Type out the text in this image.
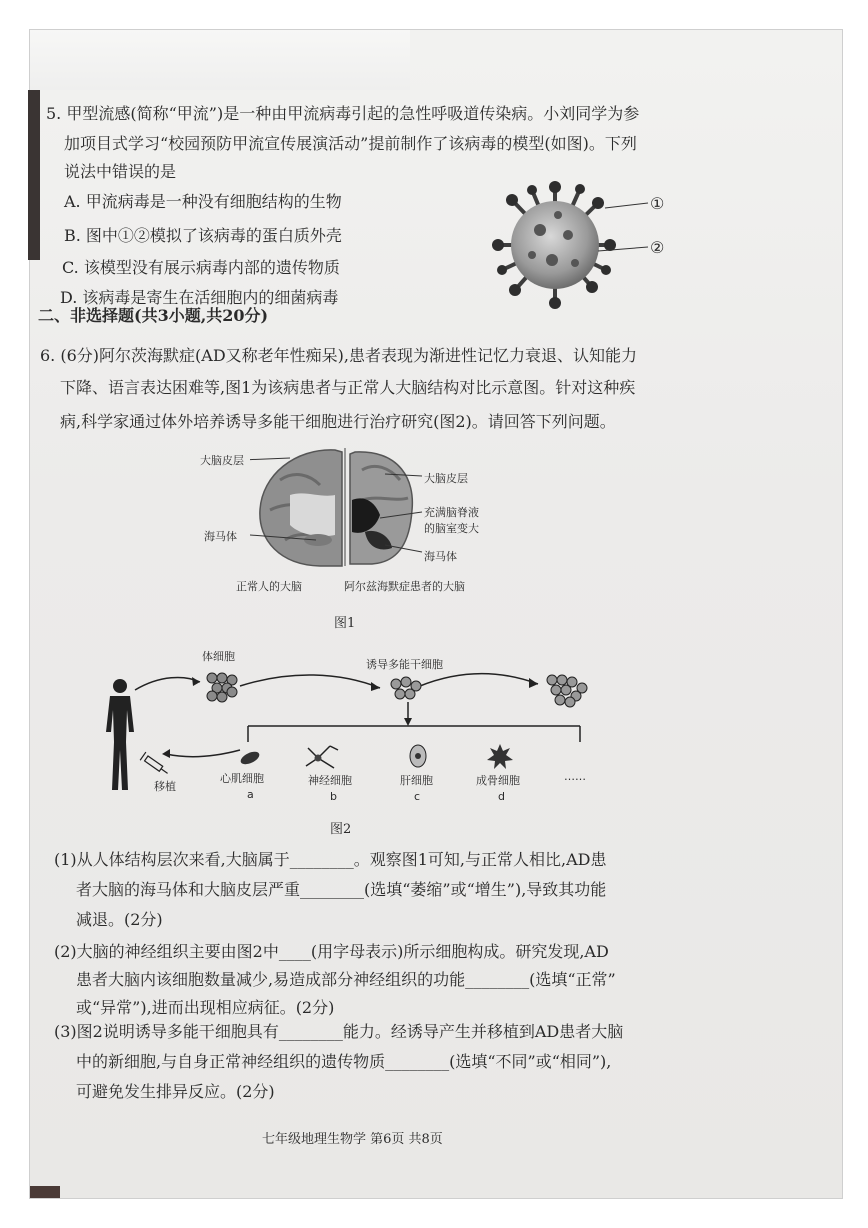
5. 甲型流感(简称“甲流”)是一种由甲流病毒引起的急性呼吸道传染病。小刘同学为参
加项目式学习“校园预防甲流宣传展演活动”提前制作了该病毒的模型(如图)。下列
说法中错误的是
A. 甲流病毒是一种没有细胞结构的生物
B. 图中①②模拟了该病毒的蛋白质外壳
C. 该模型没有展示病毒内部的遗传物质
D. 该病毒是寄生在活细胞内的细菌病毒
①
②
二、非选择题(共3小题,共20分)
6. (6分)阿尔茨海默症(AD又称老年性痴呆),患者表现为渐进性记忆力衰退、认知能力
下降、语言表达困难等,图1为该病患者与正常人大脑结构对比示意图。针对这种疾
病,科学家通过体外培养诱导多能干细胞进行治疗研究(图2)。请回答下列问题。
大脑皮层
海马体
正常人的大脑
大脑皮层
充满脑脊液
的脑室变大
海马体
阿尔兹海默症患者的大脑
图1
体细胞
诱导多能干细胞
移植
心肌细胞
a
神经细胞
b
肝细胞
c
成骨细胞
d
……
图2
(1)从人体结构层次来看,大脑属于________。观察图1可知,与正常人相比,AD患
者大脑的海马体和大脑皮层严重________(选填“萎缩”或“增生”),导致其功能
减退。(2分)
(2)大脑的神经组织主要由图2中____(用字母表示)所示细胞构成。研究发现,AD
患者大脑内该细胞数量减少,易造成部分神经组织的功能________(选填“正常”
或“异常”),进而出现相应病征。(2分)
(3)图2说明诱导多能干细胞具有________能力。经诱导产生并移植到AD患者大脑
中的新细胞,与自身正常神经组织的遗传物质________(选填“不同”或“相同”),
可避免发生排异反应。(2分)
七年级地理生物学 第6页 共8页
